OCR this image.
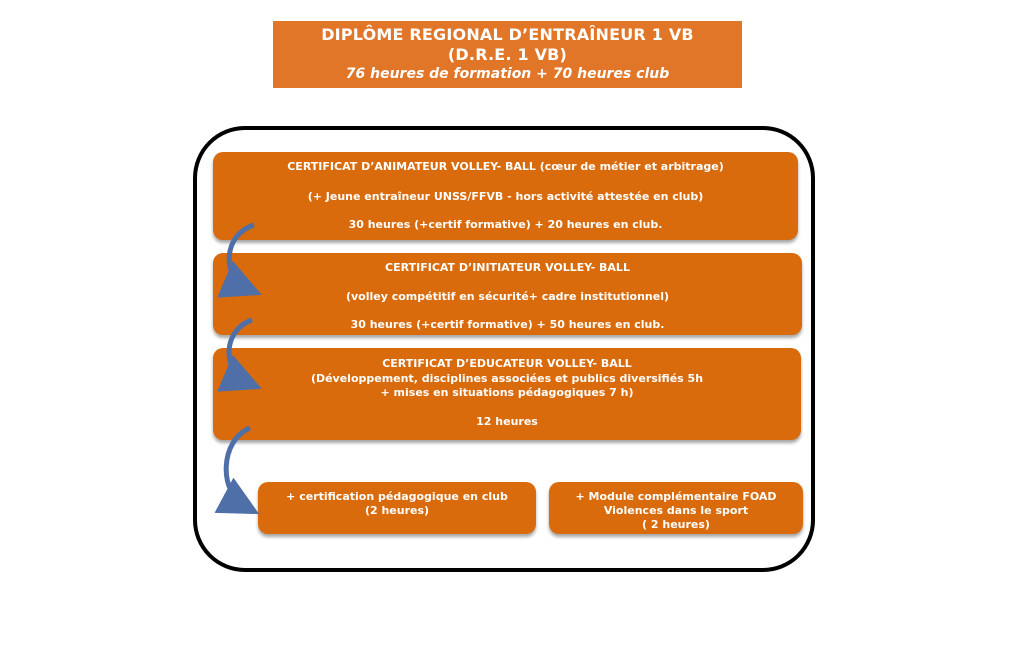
DIPLÔME REGIONAL D’ENTRAÎNEUR 1 VB
(D.R.E. 1 VB)
76 heures de formation + 70 heures club
CERTIFICAT D’ANIMATEUR VOLLEY- BALL (cœur de métier et arbitrage)
(+ Jeune entraîneur UNSS/FFVB - hors activité attestée en club)
30 heures (+certif formative) + 20 heures en club.
CERTIFICAT D’INITIATEUR VOLLEY- BALL
(volley compétitif en sécurité+ cadre institutionnel)
30 heures (+certif formative) + 50 heures en club.
CERTIFICAT D’EDUCATEUR VOLLEY- BALL
(Développement, disciplines associées et publics diversifiés 5h
+ mises en situations pédagogiques 7 h)
12 heures
+ certification pédagogique en club
(2 heures)
+ Module complémentaire FOAD
Violences dans le sport
( 2 heures)
